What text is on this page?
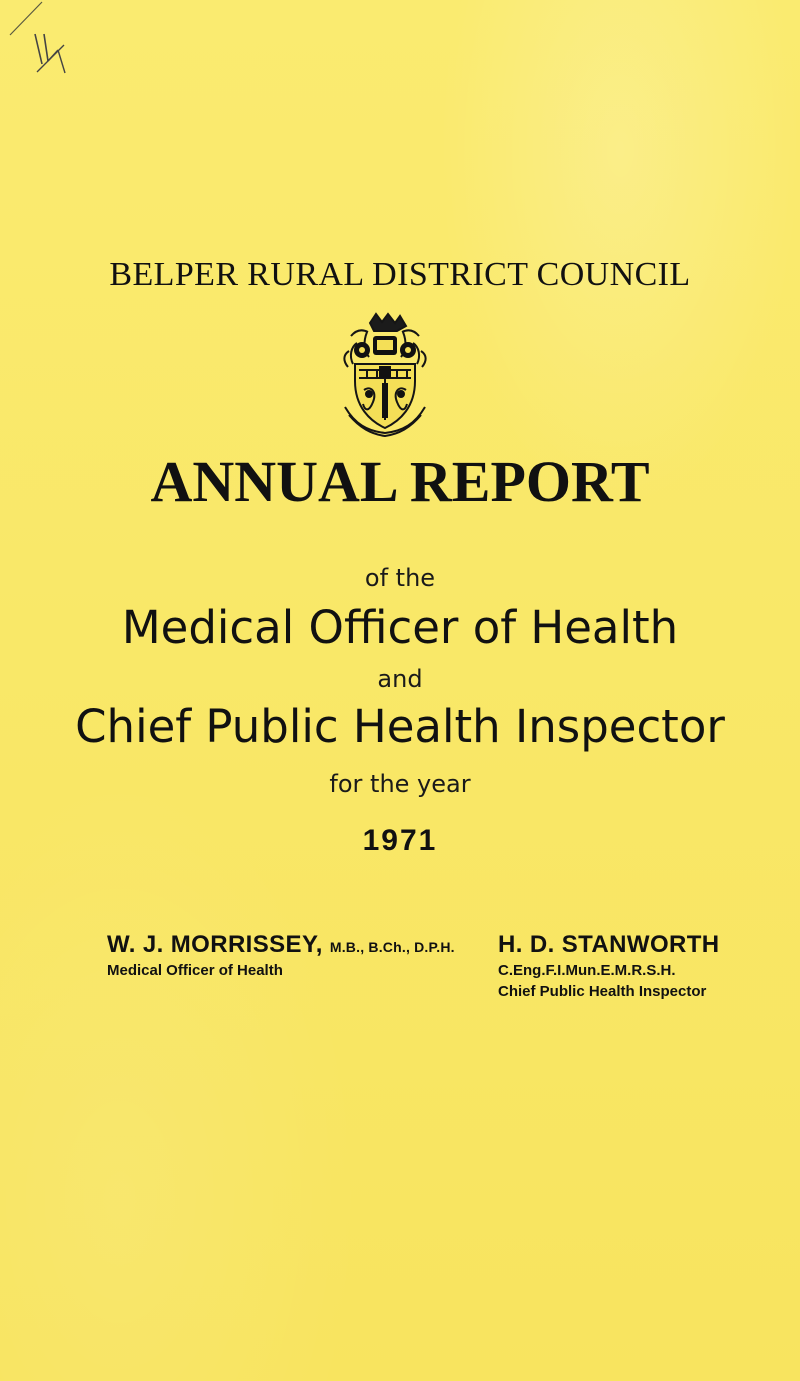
BELPER RURAL DISTRICT COUNCIL
ANNUAL REPORT
of the
Medical Officer of Health
and
Chief Public Health Inspector
for the year
1971
W. J. MORRISSEY, M.B., B.Ch., D.P.H.
Medical Officer of Health
H. D. STANWORTH
C.Eng.F.I.Mun.E.M.R.S.H.
Chief Public Health Inspector
